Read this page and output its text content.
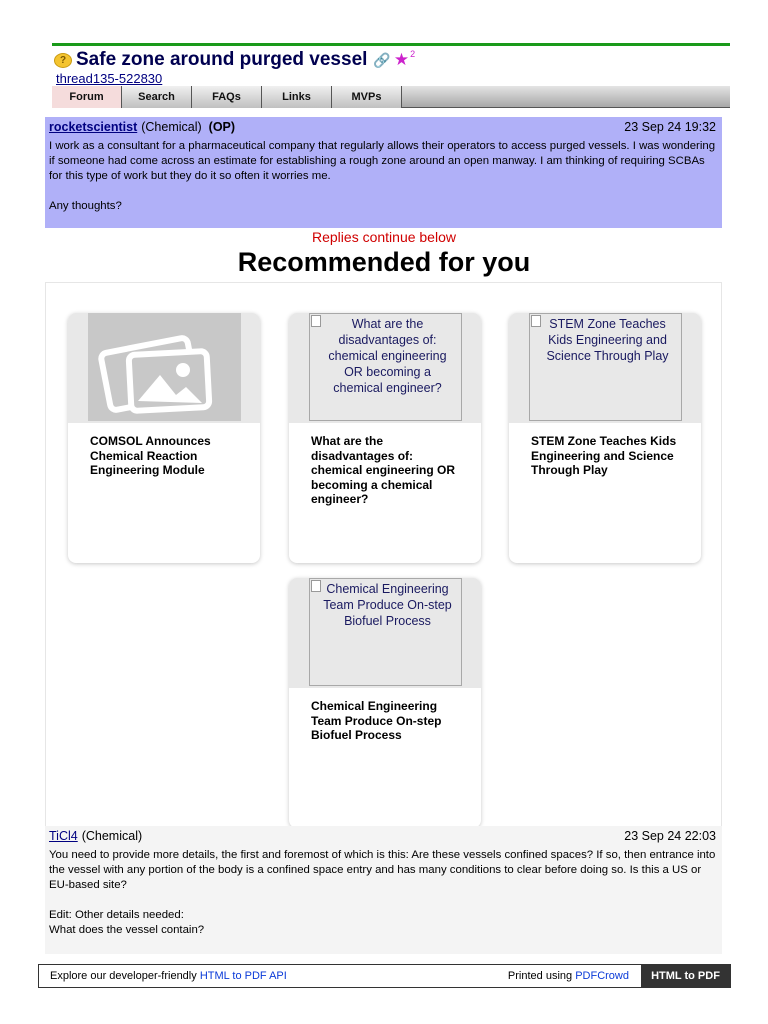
? Safe zone around purged vessel 🔗 ★ 2
thread135-522830
Forum	Search	FAQs	Links	MVPs
rocketscientist (Chemical) (OP)	23 Sep 24 19:32

I work as a consultant for a pharmaceutical company that regularly allows their operators to access purged vessels. I was wondering if someone had come across an estimate for establishing a rough zone around an open manway. I am thinking of requiring SCBAs for this type of work but they do it so often it worries me.

Any thoughts?

Replies continue below
Recommended for you
COMSOL Announces Chemical Reaction Engineering Module
What are the disadvantages of: chemical engineering OR becoming a chemical engineer?
What are the disadvantages of: chemical engineering OR becoming a chemical engineer?
STEM Zone Teaches Kids Engineering and Science Through Play
STEM Zone Teaches Kids Engineering and Science Through Play
Chemical Engineering Team Produce On-step Biofuel Process
Chemical Engineering Team Produce On-step Biofuel Process
TiCl4 (Chemical)	23 Sep 24 22:03

You need to provide more details, the first and foremost of which is this: Are these vessels confined spaces? If so, then entrance into the vessel with any portion of the body is a confined space entry and has many conditions to clear before doing so. Is this a US or EU-based site?

Edit: Other details needed:
What does the vessel contain?

Explore our developer-friendly HTML to PDF API	Printed using PDFCrowd	HTML to PDF
